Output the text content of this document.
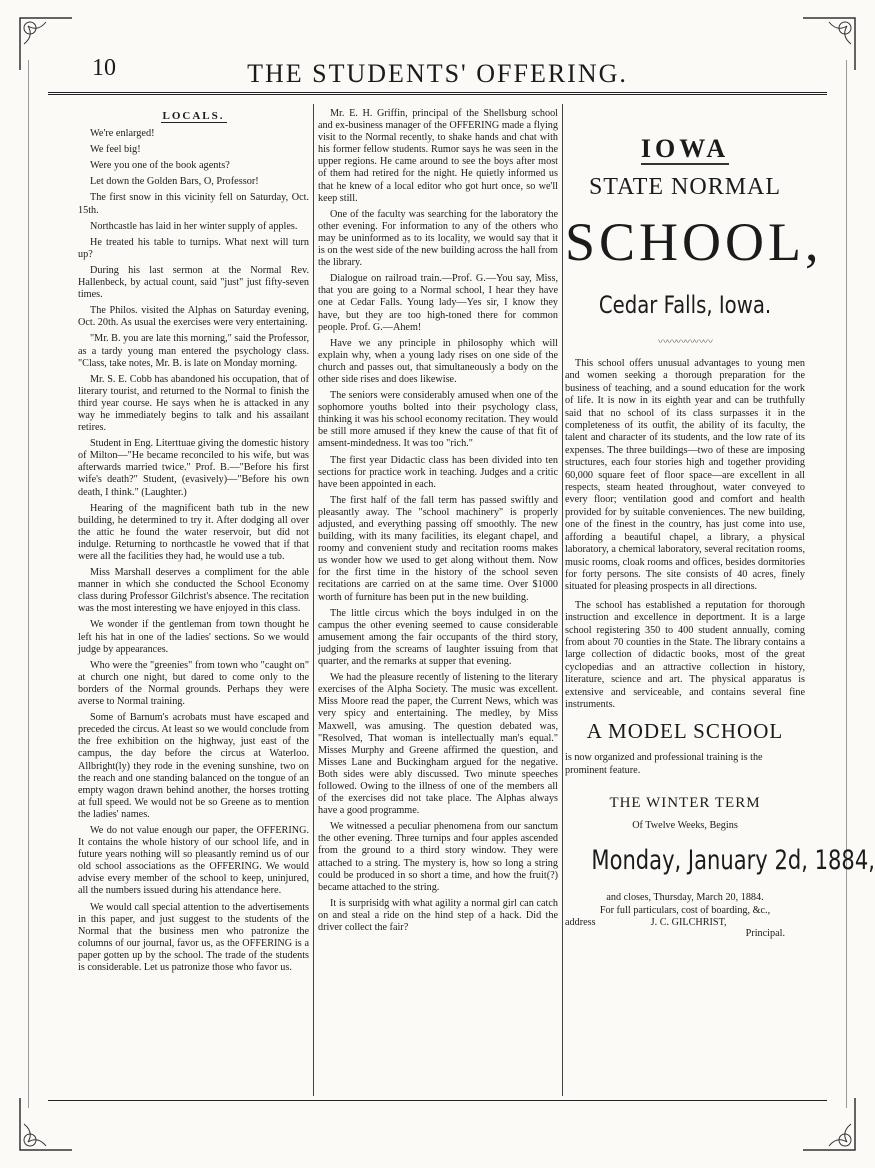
10	THE STUDENTS' OFFERING.
LOCALS.

We're enlarged!

We feel big!

Were you one of the book agents?

Let down the Golden Bars, O, Professor!

The first snow in this vicinity fell on Saturday, Oct. 15th.

Northcastle has laid in her winter supply of apples.

He treated his table to turnips. What next will turn up?

During his last sermon at the Normal Rev. Hallenbeck, by actual count, said "just" just fifty-seven times.

The Philos. visited the Alphas on Saturday evening, Oct. 20th. As usual the exercises were very entertaining.

"Mr. B. you are late this morning," said the Professor, as a tardy young man entered the psychology class. "Class, take notes, Mr. B. is late on Monday morning.

Mr. S. E. Cobb has abandoned his occupation, that of literary tourist, and returned to the Normal to finish the third year course. He says when he is attacked in any way he immediately begins to talk and his assailant retires.

Student in Eng. Literttuae giving the domestic history of Milton—"He became reconciled to his wife, but was afterwards married twice." Prof. B.—"Before his first wife's death?" Student, (evasively)—"Before his own death, I think." (Laughter.)

Hearing of the magnificent bath tub in the new building, he determined to try it. After dodging all over the attic he found the water reservoir, but did not indulge. Returning to northcastle he vowed that if that were all the facilities they had, he would use a tub.

Miss Marshall deserves a compliment for the able manner in which she conducted the School Economy class during Professor Gilchrist's absence. The recitation was the most interesting we have enjoyed in this class.

We wonder if the gentleman from town thought he left his hat in one of the ladies' sections. So we would judge by appearances.

Who were the "greenies" from town who "caught on" at church one night, but dared to come only to the borders of the Normal grounds. Perhaps they were averse to Normal training.

Some of Barnum's acrobats must have escaped and preceded the circus. At least so we would conclude from the free exhibition on the highway, just east of the campus, the day before the circus at Waterloo. Allbright(ly) they rode in the evening sunshine, two on the reach and one standing balanced on the tongue of an empty wagon drawn behind another, the horses trotting at full speed. We would not be so Greene as to mention the ladies' names.

We do not value enough our paper, the OFFERING. It contains the whole history of our school life, and in future years nothing will so pleasantly remind us of our old school associations as the OFFERING. We would advise every member of the school to keep, uninjured, all the numbers issued during his attendance here.

We would call special attention to the advertisements in this paper, and just suggest to the students of the Normal that the business men who patronize the columns of our journal, favor us, as the OFFERING is a paper gotten up by the school. The trade of the students is considerable. Let us patronize those who favor us.

Mr. E. H. Griffin, principal of the Shellsburg school and ex-business manager of the OFFERING made a flying visit to the Normal recently, to shake hands and chat with his former fellow students. Rumor says he was seen in the upper regions. He came around to see the boys after most of them had retired for the night. He quietly informed us that he knew of a local editor who got hurt once, so we'll keep still.

One of the faculty was searching for the laboratory the other evening. For information to any of the others who may be uninformed as to its locality, we would say that it is on the west side of the new building across the hall from the library.

Dialogue on railroad train.—Prof. G.—You say, Miss, that you are going to a Normal school, I hear they have one at Cedar Falls. Young lady—Yes sir, I know they have, but they are too high-toned there for common people. Prof. G.—Ahem!

Have we any principle in philosophy which will explain why, when a young lady rises on one side of the church and passes out, that simultaneously a body on the other side rises and does likewise.

The seniors were considerably amused when one of the sophomore youths bolted into their psychology class, thinking it was his school economy recitation. They would be still more amused if they knew the cause of that fit of amsent-mindedness. It was too "rich."

The first year Didactic class has been divided into ten sections for practice work in teaching. Judges and a critic have been appointed in each.

The first half of the fall term has passed swiftly and pleasantly away. The "school machinery" is properly adjusted, and everything passing off smoothly. The new building, with its many facilities, its elegant chapel, and roomy and convenient study and recitation rooms makes us wonder how we used to get along without them. Now for the first time in the history of the school seven recitations are carried on at the same time. Over $1000 worth of furniture has been put in the new building.

The little circus which the boys indulged in on the campus the other evening seemed to cause considerable amusement among the fair occupants of the third story, judging from the screams of laughter issuing from that quarter, and the remarks at supper that evening.

We had the pleasure recently of listening to the literary exercises of the Alpha Society. The music was excellent. Miss Moore read the paper, the Current News, which was very spicy and entertaining. The medley, by Miss Maxwell, was amusing. The question debated was, "Resolved, That woman is intellectually man's equal." Misses Murphy and Greene affirmed the question, and Misses Lane and Buckingham argued for the negative. Both sides were ably discussed. Two minute speeches followed. Owing to the illness of one of the members all of the exercises did not take place. The Alphas always have a good programme.

We witnessed a peculiar phenomena from our sanctum the other evening. Three turnips and four apples ascended from the ground to a third story window. They were attached to a string. The mystery is, how so long a string could be produced in so short a time, and how the fruit(?) became attached to the string.

It is surprisidg with what agility a normal girl can catch on and steal a ride on the hind step of a hack. Did the driver collect the fair?

IOWA
STATE NORMAL
SCHOOL,
Cedar Falls, Iowa.
〰〰〰〰〰〰

This school offers unusual advantages to young men and women seeking a thorough preparation for the business of teaching, and a sound education for the work of life. It is now in its eighth year and can be truthfully said that no school of its class surpasses it in the completeness of its outfit, the ability of its faculty, the talent and character of its students, and the low rate of its expenses. The three buildings—two of these are imposing structures, each four stories high and together providing 60,000 square feet of floor space—are excellent in all respects, steam heated throughout, water conveyed to every floor; ventilation good and comfort and health provided for by suitable conveniences. The new building, one of the finest in the country, has just come into use, affording a beautiful chapel, a library, a physical laboratory, a chemical laboratory, several recitation rooms, music rooms, cloak rooms and offices, besides dormitories for forty persons. The site consists of 40 acres, finely situated for pleasing prospects in all directions.

The school has established a reputation for thorough instruction and excellence in deportment. It is a large school registering 350 to 400 student annually, coming from about 70 counties in the State. The library contains a large collection of didactic books, most of the great cyclopedias and an attractive collection in history, literature, science and art. The physical apparatus is extensive and serviceable, and contains several fine instruments.

A MODEL SCHOOL
is now organized and professional training is the prominent feature.
THE WINTER TERM
Of Twelve Weeks, Begins
Monday, January 2d, 1884,
and closes, Thursday, March 20, 1884.
For full particulars, cost of boarding, &c.,
address	J. C. GILCHRIST,
Principal.
